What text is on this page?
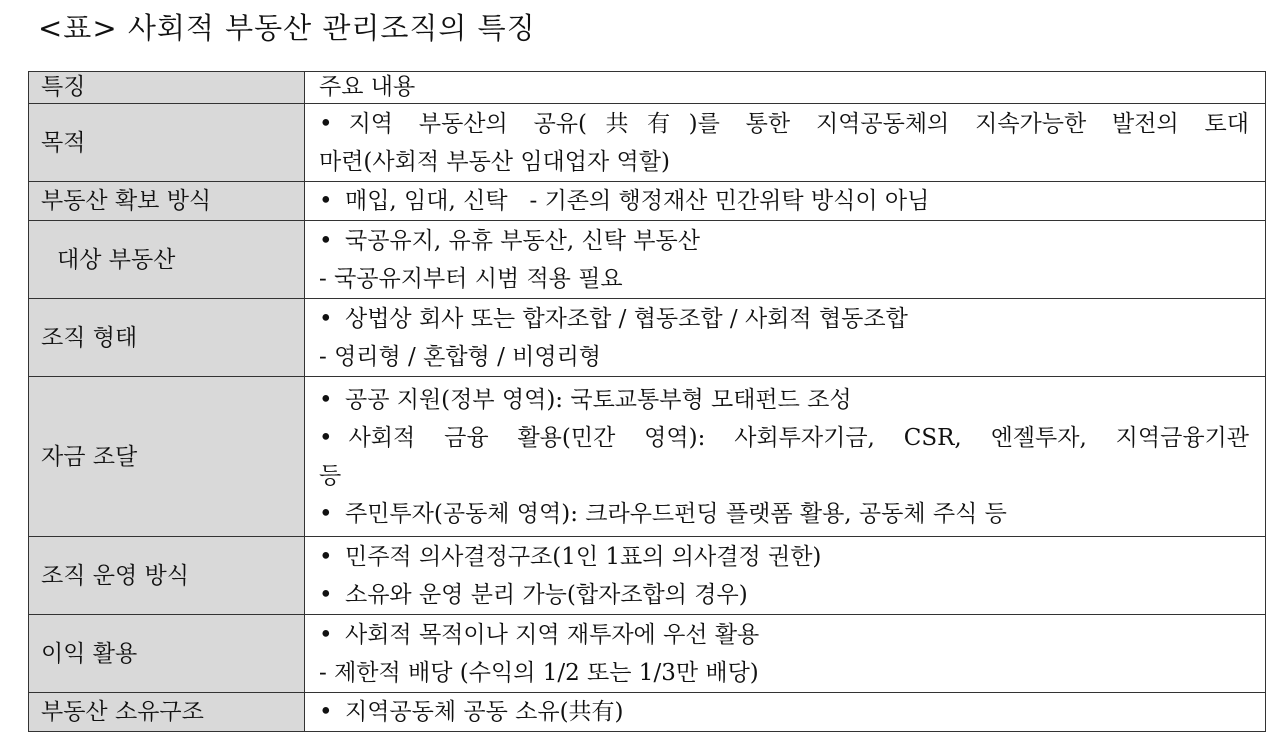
<표> 사회적 부동산 관리조직의 특징
특징	주요 내용
목적	• 지역 부동산의 공유(共有)를 통한 지역공동체의 지속가능한 발전의 토대
마련(사회적 부동산 임대업자 역할)

부동산 확보 방식	• 매입, 임대, 신탁   - 기존의 행정재산 민간위탁 방식이 아님

대상 부동산	• 국공유지, 유휴 부동산, 신탁 부동산
- 국공유지부터 시범 적용 필요

조직 형태	• 상법상 회사 또는 합자조합 / 협동조합 / 사회적 협동조합
- 영리형 / 혼합형 / 비영리형

자금 조달	• 공공 지원(정부 영역): 국토교통부형 모태펀드 조성
• 사회적 금융 활용(민간 영역): 사회투자기금, CSR, 엔젤투자, 지역금융기관
등
• 주민투자(공동체 영역): 크라우드펀딩 플랫폼 활용, 공동체 주식 등

조직 운영 방식	• 민주적 의사결정구조(1인 1표의 의사결정 권한)
• 소유와 운영 분리 가능(합자조합의 경우)

이익 활용	• 사회적 목적이나 지역 재투자에 우선 활용
- 제한적 배당 (수익의 1/2 또는 1/3만 배당)

부동산 소유구조	• 지역공동체 공동 소유(共有)
